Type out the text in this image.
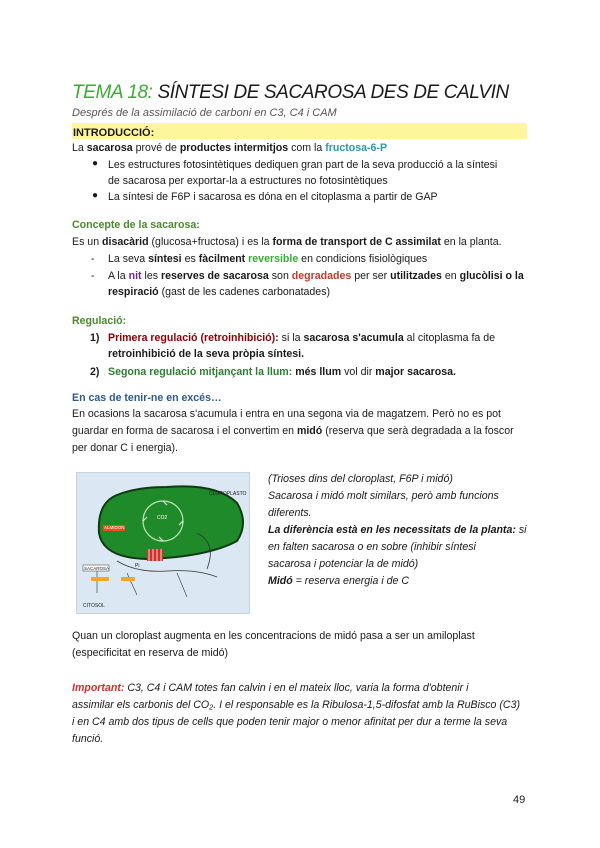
TEMA 18: SÍNTESI DE SACAROSA DES DE CALVIN
Després de la assimilació de carboni en C3, C4 i CAM
INTRODUCCIÓ:
La sacarosa prové de productes intermitjos com la fructosa-6-P
● Les estructures fotosintètiques dediquen gran part de la seva producció a la síntesi
de sacarosa per exportar-la a estructures no fotosintètiques
● La síntesi de F6P i sacarosa es dóna en el citoplasma a partir de GAP
Concepte de la sacarosa:
Es un disacàrid (glucosa+fructosa) i es la forma de transport de C assimilat en la planta.
- La seva síntesi es fàcilment reversible en condicions fisiològiques
- A la nit les reserves de sacarosa son degradades per ser utilitzades en glucòlisi o la
respiració (gast de les cadenes carbonatades)
Regulació:
1) Primera regulació (retroinhibició): si la sacarosa s'acumula al citoplasma fa de
retroinhibició de la seva pròpia síntesi.
2) Segona regulació mitjançant la llum: més llum vol dir major sacarosa.
En cas de tenir-ne en excés…
En ocasions la sacarosa s'acumula i entra en una segona via de magatzem. Però no es pot
guardar en forma de sacarosa i el convertim en midó (reserva que serà degradada a la foscor
per donar C i energia).
CLOROPLASTO
CO2
ALMIDON
Pi
SACAROSA
CITOSOL
(Trioses dins del cloroplast, F6P i midó)
Sacarosa i midó molt similars, però amb funcions
diferents.
La diferència està en les necessitats de la planta: si
en falten sacarosa o en sobre (inhibir síntesi
sacarosa i potenciar la de midó)
Midó = reserva energia i de C
Quan un cloroplast augmenta en les concentracions de midó pasa a ser un amiloplast
(especificitat en reserva de midó)
Important: C3, C4 i CAM totes fan calvin i en el mateix lloc, varia la forma d'obtenir i
assimilar els carbonis del CO₂. I el responsable es la Ribulosa-1,5-difosfat amb la RuBisco (C3)
i en C4 amb dos tipus de cells que poden tenir major o menor afinitat per dur a terme la seva
funció.
49
